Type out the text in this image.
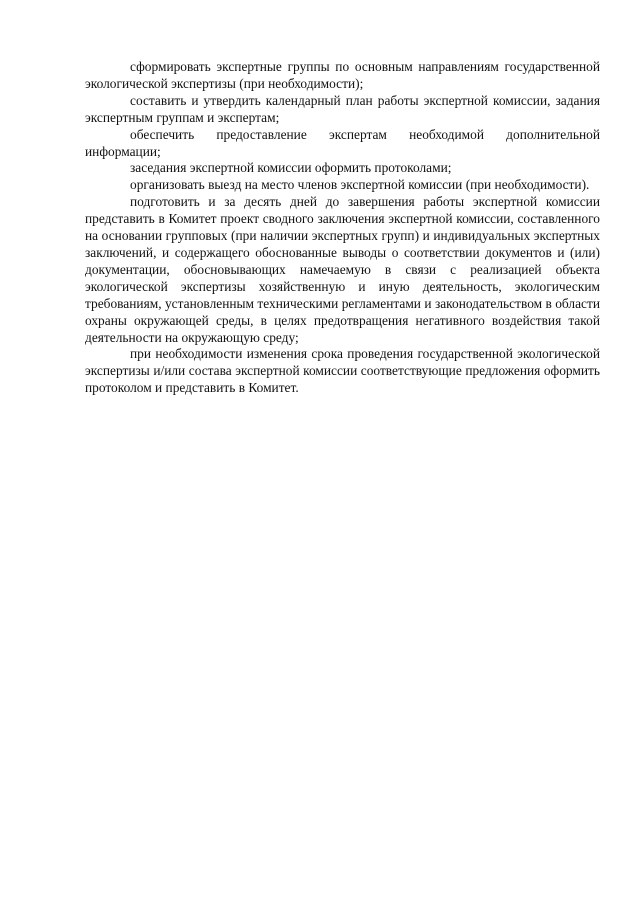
сформировать экспертные группы по основным направлениям государственной экологической экспертизы (при необходимости);

составить и утвердить календарный план работы экспертной комиссии, задания экспертным группам и экспертам;

обеспечить предоставление экспертам необходимой дополнительной информации;

заседания экспертной комиссии оформить протоколами;

организовать выезд на место членов экспертной комиссии (при необходимости).

подготовить и за десять дней до завершения работы экспертной комиссии представить в Комитет проект сводного заключения экспертной комиссии, составленного на основании групповых (при наличии экспертных групп) и индивидуальных экспертных заключений, и содержащего обоснованные выводы о соответствии документов и (или) документации, обосновывающих намечаемую в связи с реализацией объекта экологической экспертизы хозяйственную и иную деятельность, экологическим требованиям, установленным техническими регламентами и законодательством в области охраны окружающей среды, в целях предотвращения негативного воздействия такой деятельности на окружающую среду;

при необходимости изменения срока проведения государственной экологической экспертизы и/или состава экспертной комиссии соответствующие предложения оформить протоколом и представить в Комитет.
